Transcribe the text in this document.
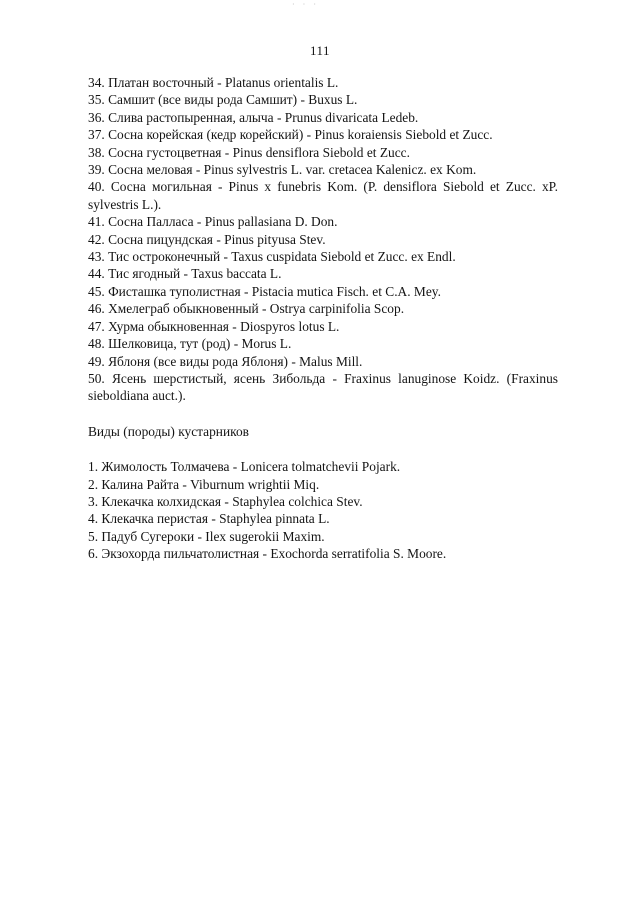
· · ·
111
34. Платан восточный - Platanus orientalis L.
35. Самшит (все виды рода Самшит) - Buxus L.
36. Слива растопыренная, алыча - Prunus divaricata Ledeb.
37. Сосна корейская (кедр корейский) - Pinus koraiensis Siebold et Zucc.
38. Сосна густоцветная - Pinus densiflora Siebold et Zucc.
39. Сосна меловая - Pinus sylvestris L. var. cretacea Kalenicz. ex Kom.
40. Сосна могильная - Pinus x funebris Kom. (P. densiflora Siebold et Zucc. xP. sylvestris L.).
41. Сосна Палласа - Pinus pallasiana D. Don.
42. Сосна пицундская - Pinus pityusa Stev.
43. Тис остроконечный - Taxus cuspidata Siebold et Zucc. ex Endl.
44. Тис ягодный - Taxus baccata L.
45. Фисташка туполистная - Pistacia mutica Fisch. et C.A. Mey.
46. Хмелеграб обыкновенный - Ostrya carpinifolia Scop.
47. Хурма обыкновенная - Diospyros lotus L.
48. Шелковица, тут (род) - Morus L.
49. Яблоня (все виды рода Яблоня) - Malus Mill.
50. Ясень шерстистый, ясень Зибольда - Fraxinus lanuginose Koidz. (Fraxinus sieboldiana auct.).
Виды (породы) кустарников
1. Жимолость Толмачева - Lonicera tolmatchevii Pojark.
2. Калина Райта - Viburnum wrightii Miq.
3. Клекачка колхидская - Staphylea colchica Stev.
4. Клекачка перистая - Staphylea pinnata L.
5. Падуб Сугероки - Ilex sugerokii Maxim.
6. Экзохорда пильчатолистная - Exochorda serratifolia S. Moore.
